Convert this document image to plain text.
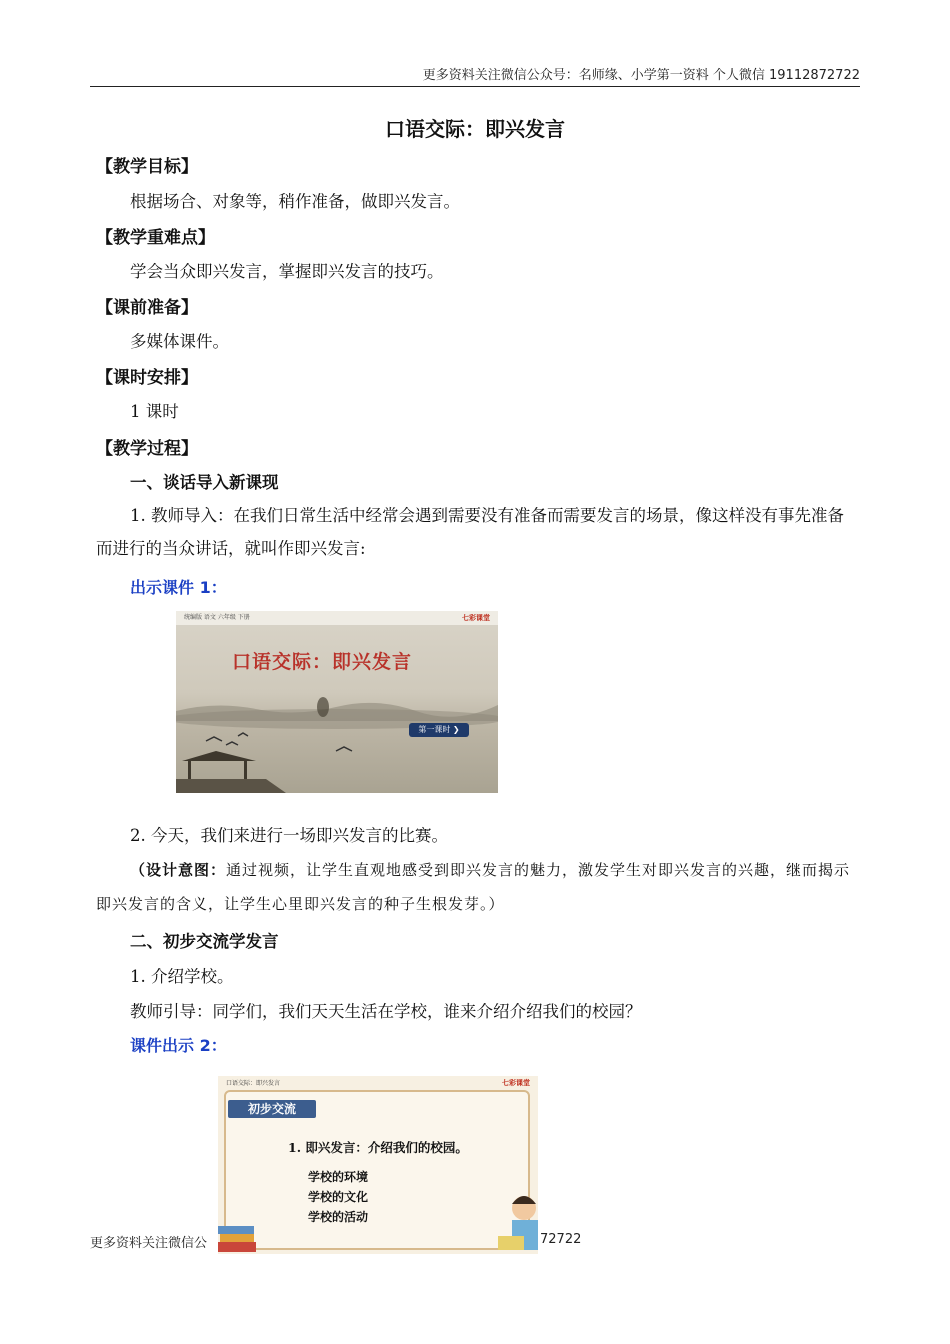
更多资料关注微信公众号：名师缘、小学第一资料 个人微信 19112872722
口语交际：即兴发言
【教学目标】
根据场合、对象等，稍作准备，做即兴发言。
【教学重难点】
学会当众即兴发言，掌握即兴发言的技巧。
【课前准备】
多媒体课件。
【课时安排】
1 课时
【教学过程】
一、谈话导入新课现
1. 教师导入：在我们日常生活中经常会遇到需要没有准备而需要发言的场景，像这样没有事先准备而进行的当众讲话，就叫作即兴发言:
出示课件 1：
统编版 语文 六年级 下册	七彩课堂
口语交际：即兴发言
第一课时 ❯
2. 今天，我们来进行一场即兴发言的比赛。
（设计意图：通过视频，让学生直观地感受到即兴发言的魅力，激发学生对即兴发言的兴趣，继而揭示即兴发言的含义，让学生心里即兴发言的种子生根发芽。）
二、初步交流学发言
1. 介绍学校。
教师引导：同学们，我们天天生活在学校，谁来介绍介绍我们的校园？
课件出示 2：
口语交际：即兴发言	七彩课堂
初步交流
1. 即兴发言：介绍我们的校园。
学校的环境
学校的文化
学校的活动
更多资料关注微信公	72722
